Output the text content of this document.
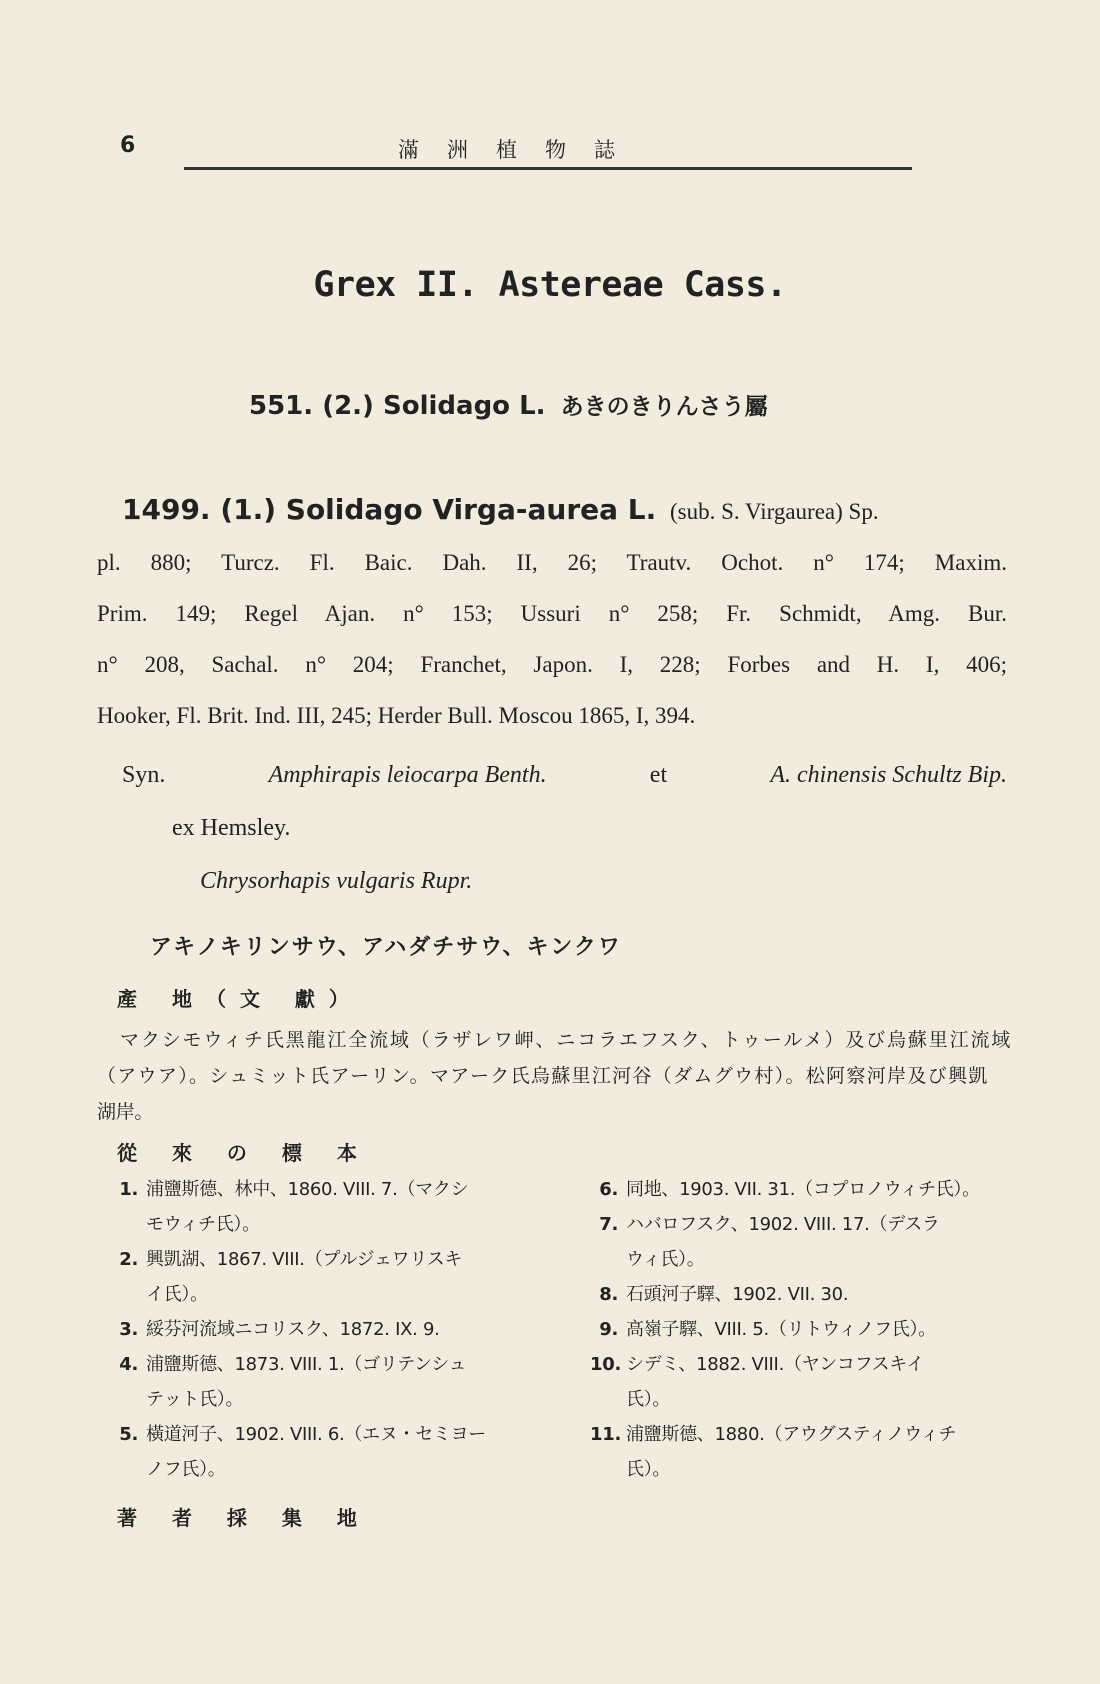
6	滿洲植物誌
Grex II. Astereae Cass.
551. (2.) Solidago L. あきのきりんさう屬
1499. (1.) Solidago Virga-aurea L. (sub. S. Virgaurea) Sp.
pl. 880; Turcz. Fl. Baic. Dah. II, 26; Trautv. Ochot. n° 174; Maxim.
Prim. 149; Regel Ajan. n° 153; Ussuri n° 258; Fr. Schmidt, Amg. Bur.
n° 208, Sachal. n° 204; Franchet, Japon. I, 228; Forbes and H. I, 406;
Hooker, Fl. Brit. Ind. III, 245; Herder Bull. Moscou 1865, I, 394.
Syn.	Amphirapis leiocarpa Benth.	et	A. chinensis Schultz Bip.
ex Hemsley.
Chrysorhapis vulgaris Rupr.
アキノキリンサウ、アハダチサウ、キンクワ
產 地（文 獻）
マクシモウィチ氏黑龍江全流域（ラザレワ岬、ニコラエフスク、トゥールメ）及び烏蘇里江流域
（アウア）。シュミット氏アーリン。マアーク氏烏蘇里江河谷（ダムグウ村）。松阿察河岸及び興凱
湖岸。
從 來 の 標 本
1. 浦鹽斯德、林中、1860. VIII. 7.（マクシ
モウィチ氏）。
2. 興凱湖、1867. VIII.（プルジェワリスキ
イ氏）。
3. 綏芬河流域ニコリスク、1872. IX. 9.
4. 浦鹽斯德、1873. VIII. 1.（ゴリテンシュ
テット氏）。
5. 橫道河子、1902. VIII. 6.（エヌ・セミヨー
ノフ氏）。
6. 同地、1903. VII. 31.（コプロノウィチ氏）。
7. ハバロフスク、1902. VIII. 17.（デスラ
ウィ氏）。
8. 石頭河子驛、1902. VII. 30.
9. 高嶺子驛、VIII. 5.（リトウィノフ氏）。
10. シデミ、1882. VIII.（ヤンコフスキイ
氏）。
11. 浦鹽斯德、1880.（アウグスティノウィチ
氏）。
著 者 採 集 地
